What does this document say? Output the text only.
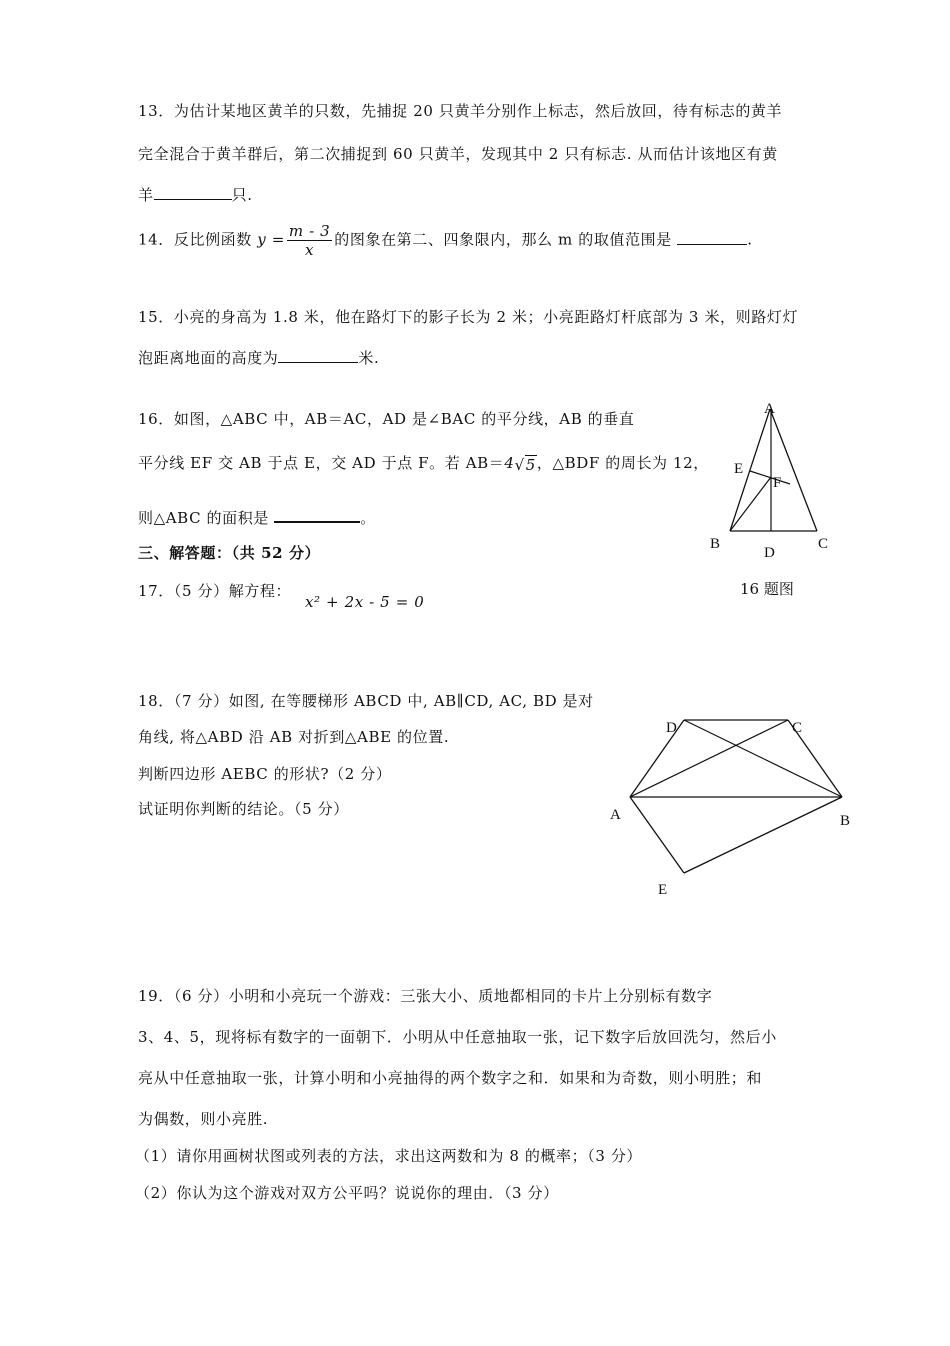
13．为估计某地区黄羊的只数，先捕捉 20 只黄羊分别作上标志，然后放回，待有标志的黄羊
完全混合于黄羊群后，第二次捕捉到 60 只黄羊，发现其中 2 只有标志. 从而估计该地区有黄
羊	只.
14．反比例函数 $y = \frac{m - 3}{x}$ 的图象在第二、四象限内，那么 m 的取值范围是	.
15．小亮的身高为 1.8 米，他在路灯下的影子长为 2 米；小亮距路灯杆底部为 3 米，则路灯灯
泡距离地面的高度为	米.
16．如图，△ABC 中，AB＝AC，AD 是∠BAC 的平分线，AB 的垂直
平分线 EF 交 AB 于点 E，交 AD 于点 F。若 AB＝4√5，△BDF 的周长为 12，
则△ABC 的面积是	。
A
E
F
B
D
C
16 题图
三、解答题：（共 52 分）
17．（5 分）解方程：
x² + 2x - 5 = 0
18．（7 分）如图, 在等腰梯形 ABCD 中, AB∥CD, AC, BD 是对
角线, 将△ABD 沿 AB 对折到△ABE 的位置.
判断四边形 AEBC 的形状?（2 分）
试证明你判断的结论。（5 分）
D	C
A	B
E
19．（6 分）小明和小亮玩一个游戏：三张大小、质地都相同的卡片上分别标有数字
3、4、5，现将标有数字的一面朝下．小明从中任意抽取一张，记下数字后放回洗匀，然后小
亮从中任意抽取一张，计算小明和小亮抽得的两个数字之和．如果和为奇数，则小明胜；和
为偶数，则小亮胜.
（1）请你用画树状图或列表的方法，求出这两数和为 8 的概率；（3 分）
（2）你认为这个游戏对双方公平吗？说说你的理由．（3 分）
